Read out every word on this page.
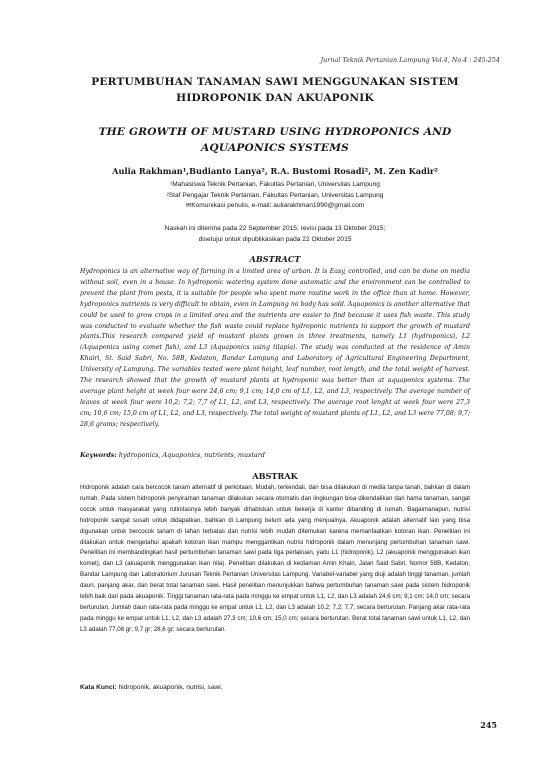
Jurnal Teknik Pertanian Lampung Vol.4, No.4 : 245-254
PERTUMBUHAN TANAMAN SAWI MENGGUNAKAN SISTEM HIDROPONIK DAN AKUAPONIK
THE GROWTH OF MUSTARD USING HYDROPONICS AND AQUAPONICS SYSTEMS
Aulia Rakhman¹,Budianto Lanya², R.A. Bustomi Rosadi², M. Zen Kadir²
¹Mahasiswa Teknik Pertanian, Fakultas Pertanian, Universitas Lampung
²Staf Pengajar Teknik Pertanian, Fakultas Pertanian, Universitas Lampung
✉Komunikasi penulis, e-mail: auliarakhman1990@gmail.com
Naskah ini diterima pada 22 September 2015; revisi pada 13 Oktober 2015;
disetujui untuk dipublikasikan pada 22 Oktober 2015
ABSTRACT

Hydroponics is an alternative way of farming in a limited area of urban. It is Easy, controlled, and can be done on media without soil, even in a house. In hydroponic watering system done automatic and the environment can be controlled to prevent the plant from pests, it is suitable for people who spent more routine work in the office than at home. However, hydroponics nutrients is very difficult to obtain, even in Lampung no body has sold. Aquaponics is another alternative that could be used to grow crops in a limited area and the nutrients are easier to find because it uses fish waste. This study was conducted to evaluate whether the fish waste could replace hydroponic nutrients to support the growth of mustard plants.This research compared yield of mustard plants grown in three treatments, namely L1 (hydroponics), L2 (Aquaponics using comet fish), and L3 (Aquaponics using tilapia). The study was conducted at the residence of Amin Khairi, St. Said Sabri, No. 58B, Kedaton, Bandar Lampung and Laboratory of Agricultural Engineering Department, University of Lampung. The variables tested were plant height, leaf number, root length, and the total weight of harvest. The research showed that the growth of mustard plants at hydroponic was better than at aquaponics systems. The average plant height at week four were 24,6 cm; 9,1 cm; 14,0 cm of L1, L2, and L3, respectively. The average number of leaves at week four were 10,2; 7,2; 7,7 of L1, L2, and L3, respectively. The average root lenght at week four were 27,3 cm; 10,6 cm; 15,0 cm of L1, L2, and L3, respectively. The total weight of mustard plants of L1, L2, and L3 were 77,08; 9,7; 28,6 grams; respectively.

Keywords: hydroponics, Aquaponics, nutrients, mustard
ABSTRAK

Hidroponik adalah cara bercocok tanam alternatif di perkotaan. Mudah, terkendali, dan bisa dilakukan di media tanpa tanah, bahkan di dalam rumah. Pada sistem hidroponik penyiraman tanaman dilakukan secara otomatis dan lingkungan bisa dikendalikan dari hama tanaman, sangat cocok untuk masyarakat yang rutinitasnya lebih banyak dihabiskan untuk bekerja di kantor dibanding di rumah. Bagaimanapun, nutrisi hidroponik sangat susah untuk didapatkan, bahkan di Lampung belum ada yang menjualnya. Akuaponik adalah alternatif lain yang bisa digunakan untuk bercocok tanam di lahan terbatas dan nutrisi lebih mudah ditemukan karena memanfaatkan kotoran ikan. Penelitian ini dilakukan untuk mengetahui apakah kotoran ikan mampu menggantikan nutrisi hidroponik dalam menunjang pertumbuhan tanaman sawi. Penelitian ini membandingkan hasil pertumbuhan tanaman sawi pada tiga perlakuan, yaitu L1 (hidroponik), L2 (akuaponik menggunakan ikan komet), dan L3 (akuaponik menggunakan ikan nila). Penelitian dilakukan di kediaman Amin Khairi, Jalan Said Sabri, Nomor 58B, Kedaton, Bandar Lampung dan Laboratorium Jurusan Teknik Pertanian Universitas Lampung. Variabel-variabel yang diuji adalah tinggi tanaman, jumlah daun, panjang akar, dan berat total tanaman sawi. Hasil penelitian menunjukkan bahwa pertumbuhan tanaman sawi pada sistem hidroponik lebih baik dari pada akuaponik. Tinggi tanaman rata-rata pada minggu ke empat untuk L1, L2, dan L3 adalah 24,6 cm; 9,1 cm; 14,0 cm; secara berturutan. Jumlah daun rata-rata pada minggu ke empat untuk L1, L2, dan L3 adalah 10,2; 7,2; 7,7; secara berturutan. Panjang akar rata-rata pada minggu ke empat untuk L1, L2, dan L3 adalah 27,3 cm; 10,6 cm; 15,0 cm; secara berturutan. Berat total tanaman sawi untuk L1, L2, dan L3 adalah 77,08 gr; 9,7 gr; 28,6 gr; secara berturutan.

Kata Kunci: hidroponik, akuaponik, nutrisi, sawi.
245
